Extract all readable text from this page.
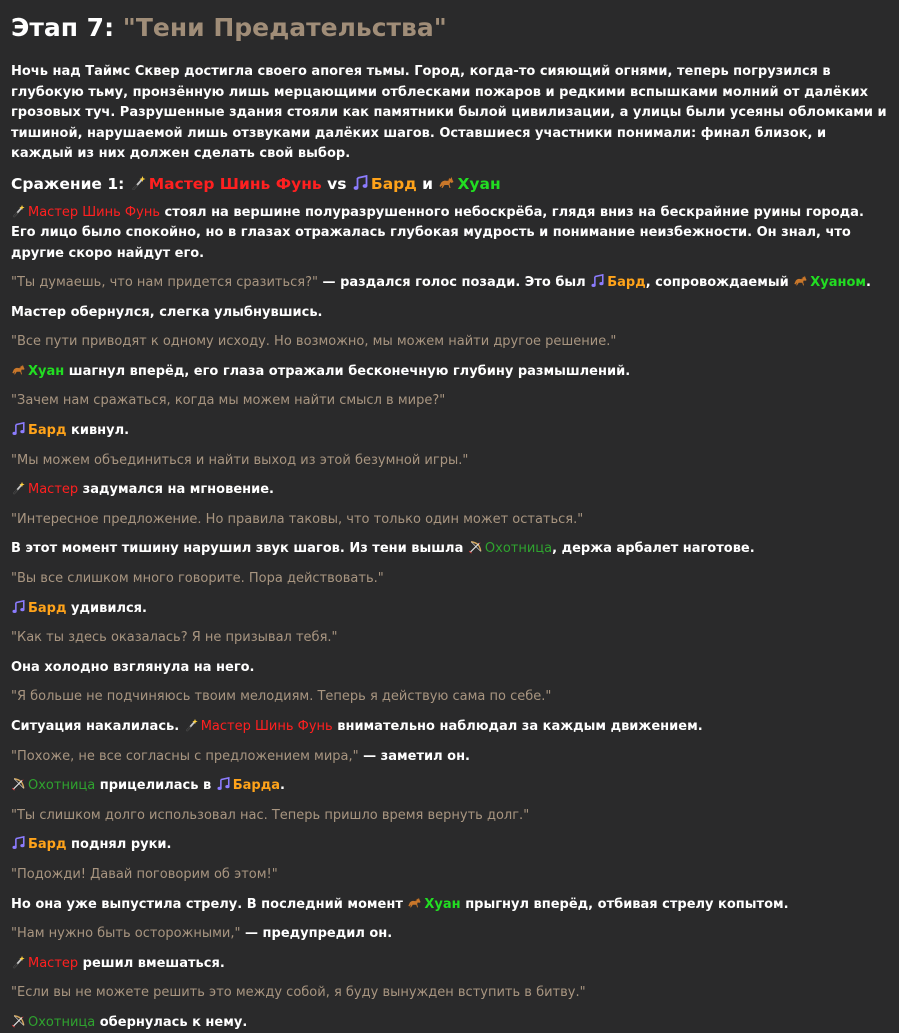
Этап 7: "Тени Предательства"

Ночь над Таймс Сквер достигла своего апогея тьмы. Город, когда-то сияющий огнями, теперь погрузился в глубокую тьму, пронзённую лишь мерцающими отблесками пожаров и редкими вспышками молний от далёких грозовых туч. Разрушенные здания стояли как памятники былой цивилизации, а улицы были усеяны обломками и тишиной, нарушаемой лишь отзвуками далёких шагов. Оставшиеся участники понимали: финал близок, и каждый из них должен сделать свой выбор.

Сражение 1: Мастер Шинь Фунь vs Бард и Хуан

Мастер Шинь Фунь стоял на вершине полуразрушенного небоскрёба, глядя вниз на бескрайние руины города. Его лицо было спокойно, но в глазах отражалась глубокая мудрость и понимание неизбежности. Он знал, что другие скоро найдут его.

"Ты думаешь, что нам придется сразиться?" — раздался голос позади. Это был
Бард, сопровождаемый
Хуаном.

Мастер обернулся, слегка улыбнувшись.

"Все пути приводят к одному исходу. Но возможно, мы можем найти другое решение."

Хуан шагнул вперёд, его глаза отражали бесконечную глубину размышлений.

"Зачем нам сражаться, когда мы можем найти смысл в мире?"

Бард кивнул.

"Мы можем объединиться и найти выход из этой безумной игры."

Мастер задумался на мгновение.

"Интересное предложение. Но правила таковы, что только один может остаться."

В этот момент тишину нарушил звук шагов. Из тени вышла
Охотница, держа арбалет наготове.

"Вы все слишком много говорите. Пора действовать."

Бард удивился.

"Как ты здесь оказалась? Я не призывал тебя."

Она холодно взглянула на него.

"Я больше не подчиняюсь твоим мелодиям. Теперь я действую сама по себе."

Ситуация накалилась.
Мастер Шинь Фунь внимательно наблюдал за каждым движением.

"Похоже, не все согласны с предложением мира," — заметил он.

Охотница прицелилась в
Барда.

"Ты слишком долго использовал нас. Теперь пришло время вернуть долг."

Бард поднял руки.

"Подожди! Давай поговорим об этом!"

Но она уже выпустила стрелу. В последний момент
Хуан прыгнул вперёд, отбивая стрелу копытом.

"Нам нужно быть осторожными," — предупредил он.

Мастер решил вмешаться.

"Если вы не можете решить это между собой, я буду вынужден вступить в битву."

Охотница обернулась к нему.
